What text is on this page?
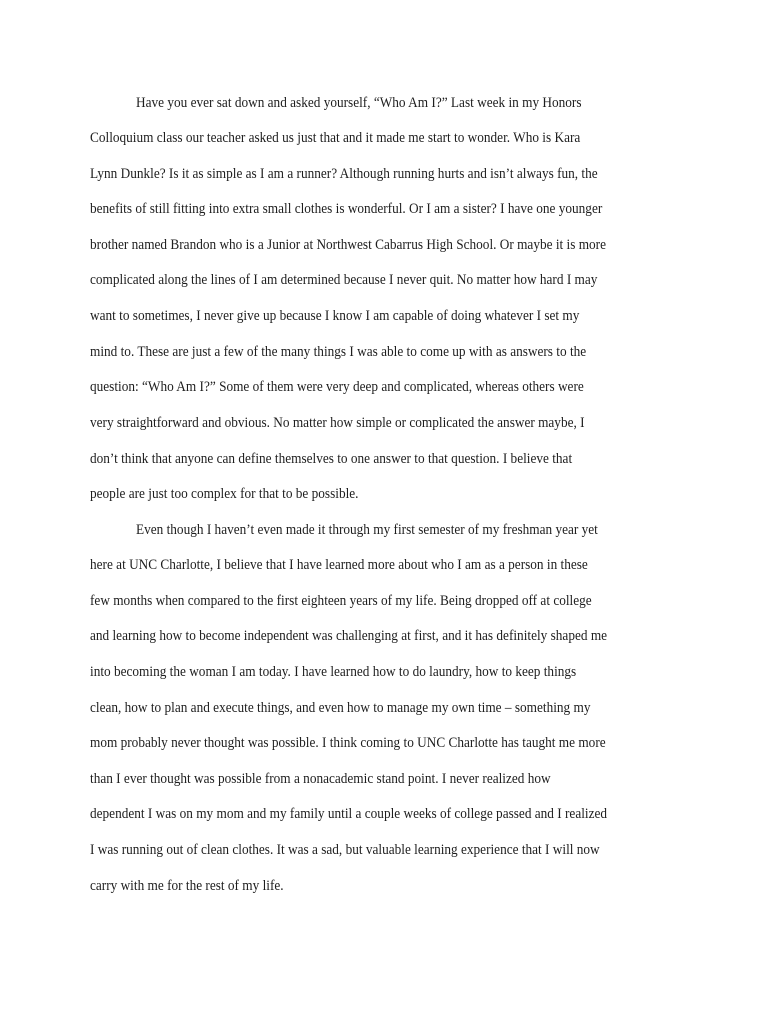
Have you ever sat down and asked yourself, “Who Am I?” Last week in my Honors
Colloquium class our teacher asked us just that and it made me start to wonder. Who is Kara
Lynn Dunkle? Is it as simple as I am a runner? Although running hurts and isn’t always fun, the
benefits of still fitting into extra small clothes is wonderful. Or I am a sister? I have one younger
brother named Brandon who is a Junior at Northwest Cabarrus High School. Or maybe it is more
complicated along the lines of I am determined because I never quit. No matter how hard I may
want to sometimes, I never give up because I know I am capable of doing whatever I set my
mind to. These are just a few of the many things I was able to come up with as answers to the
question: “Who Am I?” Some of them were very deep and complicated, whereas others were
very straightforward and obvious. No matter how simple or complicated the answer maybe, I
don’t think that anyone can define themselves to one answer to that question. I believe that
people are just too complex for that to be possible.
Even though I haven’t even made it through my first semester of my freshman year yet
here at UNC Charlotte, I believe that I have learned more about who I am as a person in these
few months when compared to the first eighteen years of my life. Being dropped off at college
and learning how to become independent was challenging at first, and it has definitely shaped me
into becoming the woman I am today. I have learned how to do laundry, how to keep things
clean, how to plan and execute things, and even how to manage my own time – something my
mom probably never thought was possible. I think coming to UNC Charlotte has taught me more
than I ever thought was possible from a nonacademic stand point. I never realized how
dependent I was on my mom and my family until a couple weeks of college passed and I realized
I was running out of clean clothes. It was a sad, but valuable learning experience that I will now
carry with me for the rest of my life.
